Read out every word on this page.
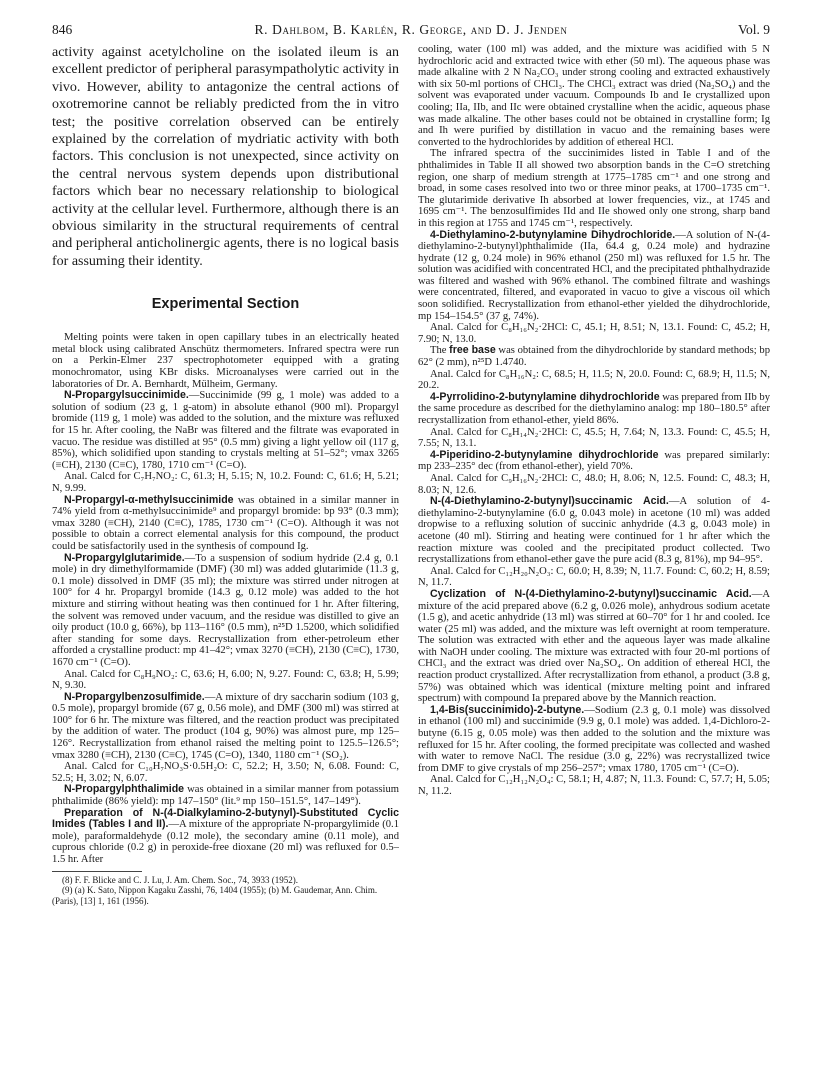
846	R. Dahlbom, B. Karlén, R. George, and D. J. Jenden	Vol. 9

activity against acetylcholine on the isolated ileum is an excellent predictor of peripheral parasympatholytic activity in vivo. However, ability to antagonize the central actions of oxotremorine cannot be reliably predicted from the in vitro test; the positive correlation observed can be entirely explained by the correlation of mydriatic activity with both factors. This conclusion is not unexpected, since activity on the central nervous system depends upon distributional factors which bear no necessary relationship to biological activity at the cellular level. Furthermore, although there is an obvious similarity in the structural requirements of central and peripheral anticholinergic agents, there is no logical basis for assuming their identity.

Experimental Section

Melting points were taken in open capillary tubes in an electrically heated metal block using calibrated Anschütz thermometers. Infrared spectra were run on a Perkin-Elmer 237 spectrophotometer equipped with a grating monochromator, using KBr disks. Microanalyses were carried out in the laboratories of Dr. A. Bernhardt, Mülheim, Germany.

N-Propargylsuccinimide.—Succinimide (99 g, 1 mole) was added to a solution of sodium (23 g, 1 g-atom) in absolute ethanol (900 ml). Propargyl bromide (119 g, 1 mole) was added to the solution, and the mixture was refluxed for 15 hr. After cooling, the NaBr was filtered and the filtrate was evaporated in vacuo. The residue was distilled at 95° (0.5 mm) giving a light yellow oil (117 g, 85%), which solidified upon standing to crystals melting at 51–52°; νmax 3265 (≡CH), 2130 (C≡C), 1780, 1710 cm⁻¹ (C=O).

Anal. Calcd for C₇H₇NO₂: C, 61.3; H, 5.15; N, 10.2. Found: C, 61.6; H, 5.21; N, 9.99.

N-Propargyl-α-methylsuccinimide was obtained in a similar manner in 74% yield from α-methylsuccinimide⁹ and propargyl bromide: bp 93° (0.3 mm); νmax 3280 (≡CH), 2140 (C≡C), 1785, 1730 cm⁻¹ (C=O). Although it was not possible to obtain a correct elemental analysis for this compound, the product could be satisfactorily used in the synthesis of compound Ig.

N-Propargylglutarimide.—To a suspension of sodium hydride (2.4 g, 0.1 mole) in dry dimethylformamide (DMF) (30 ml) was added glutarimide (11.3 g, 0.1 mole) dissolved in DMF (35 ml); the mixture was stirred under nitrogen at 100° for 4 hr. Propargyl bromide (14.3 g, 0.12 mole) was added to the hot mixture and stirring without heating was then continued for 1 hr. After filtering, the solvent was removed under vacuum, and the residue was distilled to give an oily product (10.0 g, 66%), bp 113–116° (0.5 mm), n²⁵D 1.5200, which solidified after standing for some days. Recrystallization from ether-petroleum ether afforded a crystalline product: mp 41–42°; νmax 3270 (≡CH), 2130 (C≡C), 1730, 1670 cm⁻¹ (C=O).

Anal. Calcd for C₈H₉NO₂: C, 63.6; H, 6.00; N, 9.27. Found: C, 63.8; H, 5.99; N, 9.30.

N-Propargylbenzosulfimide.—A mixture of dry saccharin sodium (103 g, 0.5 mole), propargyl bromide (67 g, 0.56 mole), and DMF (300 ml) was stirred at 100° for 6 hr. The mixture was filtered, and the reaction product was precipitated by the addition of water. The product (104 g, 90%) was almost pure, mp 125–126°. Recrystallization from ethanol raised the melting point to 125.5–126.5°; νmax 3280 (≡CH), 2130 (C≡C), 1745 (C=O), 1340, 1180 cm⁻¹ (SO₂).

Anal. Calcd for C₁₀H₇NO₃S·0.5H₂O: C, 52.2; H, 3.50; N, 6.08. Found: C, 52.5; H, 3.02; N, 6.07.

N-Propargylphthalimide was obtained in a similar manner from potassium phthalimide (86% yield): mp 147–150° (lit.⁹ mp 150–151.5°, 147–149°).

Preparation of N-(4-Dialkylamino-2-butynyl)-Substituted Cyclic Imides (Tables I and II).—A mixture of the appropriate N-propargylimide (0.1 mole), paraformaldehyde (0.12 mole), the secondary amine (0.11 mole), and cuprous chloride (0.2 g) in peroxide-free dioxane (20 ml) was refluxed for 0.5–1.5 hr. After

(8) F. F. Blicke and C. J. Lu, J. Am. Chem. Soc., 74, 3933 (1952).

(9) (a) K. Sato, Nippon Kagaku Zasshi, 76, 1404 (1955); (b) M. Gaudemar, Ann. Chim. (Paris), [13] 1, 161 (1956).

cooling, water (100 ml) was added, and the mixture was acidified with 5 N hydrochloric acid and extracted twice with ether (50 ml). The aqueous phase was made alkaline with 2 N Na₂CO₃ under strong cooling and extracted exhaustively with six 50-ml portions of CHCl₃. The CHCl₃ extract was dried (Na₂SO₄) and the solvent was evaporated under vacuum. Compounds Ib and Ie crystallized upon cooling; IIa, IIb, and IIc were obtained crystalline when the acidic, aqueous phase was made alkaline. The other bases could not be obtained in crystalline form; Ig and Ih were purified by distillation in vacuo and the remaining bases were converted to the hydrochlorides by addition of ethereal HCl.

The infrared spectra of the succinimides listed in Table I and of the phthalimides in Table II all showed two absorption bands in the C=O stretching region, one sharp of medium strength at 1775–1785 cm⁻¹ and one strong and broad, in some cases resolved into two or three minor peaks, at 1700–1735 cm⁻¹. The glutarimide derivative Ih absorbed at lower frequencies, viz., at 1745 and 1695 cm⁻¹. The benzosulfimides IId and IIe showed only one strong, sharp band in this region at 1755 and 1745 cm⁻¹, respectively.

4-Diethylamino-2-butynylamine Dihydrochloride.—A solution of N-(4-diethylamino-2-butynyl)phthalimide (IIa, 64.4 g, 0.24 mole) and hydrazine hydrate (12 g, 0.24 mole) in 96% ethanol (250 ml) was refluxed for 1.5 hr. The solution was acidified with concentrated HCl, and the precipitated phthalhydrazide was filtered and washed with 96% ethanol. The combined filtrate and washings were concentrated, filtered, and evaporated in vacuo to give a viscous oil which soon solidified. Recrystallization from ethanol-ether yielded the dihydrochloride, mp 154–154.5° (37 g, 74%).

Anal. Calcd for C₈H₁₆N₂·2HCl: C, 45.1; H, 8.51; N, 13.1. Found: C, 45.2; H, 7.90; N, 13.0.

The free base was obtained from the dihydrochloride by standard methods; bp 62° (2 mm), n²⁵D 1.4740.

Anal. Calcd for C₈H₁₆N₂: C, 68.5; H, 11.5; N, 20.0. Found: C, 68.9; H, 11.5; N, 20.2.

4-Pyrrolidino-2-butynylamine dihydrochloride was prepared from IIb by the same procedure as described for the diethylamino analog: mp 180–180.5° after recrystallization from ethanol-ether, yield 86%.

Anal. Calcd for C₈H₁₄N₂·2HCl: C, 45.5; H, 7.64; N, 13.3. Found: C, 45.5; H, 7.55; N, 13.1.

4-Piperidino-2-butynylamine dihydrochloride was prepared similarly: mp 233–235° dec (from ethanol-ether), yield 70%.

Anal. Calcd for C₉H₁₆N₂·2HCl: C, 48.0; H, 8.06; N, 12.5. Found: C, 48.3; H, 8.03; N, 12.6.

N-(4-Diethylamino-2-butynyl)succinamic Acid.—A solution of 4-diethylamino-2-butynylamine (6.0 g, 0.043 mole) in acetone (10 ml) was added dropwise to a refluxing solution of succinic anhydride (4.3 g, 0.043 mole) in acetone (40 ml). Stirring and heating were continued for 1 hr after which the reaction mixture was cooled and the precipitated product collected. Two recrystallizations from ethanol-ether gave the pure acid (8.3 g, 81%), mp 94–95°.

Anal. Calcd for C₁₂H₂₀N₂O₃: C, 60.0; H, 8.39; N, 11.7. Found: C, 60.2; H, 8.59; N, 11.7.

Cyclization of N-(4-Diethylamino-2-butynyl)succinamic Acid.—A mixture of the acid prepared above (6.2 g, 0.026 mole), anhydrous sodium acetate (1.5 g), and acetic anhydride (13 ml) was stirred at 60–70° for 1 hr and cooled. Ice water (25 ml) was added, and the mixture was left overnight at room temperature. The solution was extracted with ether and the aqueous layer was made alkaline with NaOH under cooling. The mixture was extracted with four 20-ml portions of CHCl₃ and the extract was dried over Na₂SO₄. On addition of ethereal HCl, the reaction product crystallized. After recrystallization from ethanol, a product (3.8 g, 57%) was obtained which was identical (mixture melting point and infrared spectrum) with compound Ia prepared above by the Mannich reaction.

1,4-Bis(succinimido)-2-butyne.—Sodium (2.3 g, 0.1 mole) was dissolved in ethanol (100 ml) and succinimide (9.9 g, 0.1 mole) was added. 1,4-Dichloro-2-butyne (6.15 g, 0.05 mole) was then added to the solution and the mixture was refluxed for 15 hr. After cooling, the formed precipitate was collected and washed with water to remove NaCl. The residue (3.0 g, 22%) was recrystallized twice from DMF to give crystals of mp 256–257°; νmax 1780, 1705 cm⁻¹ (C=O).

Anal. Calcd for C₁₂H₁₂N₂O₄: C, 58.1; H, 4.87; N, 11.3. Found: C, 57.7; H, 5.05; N, 11.2.
